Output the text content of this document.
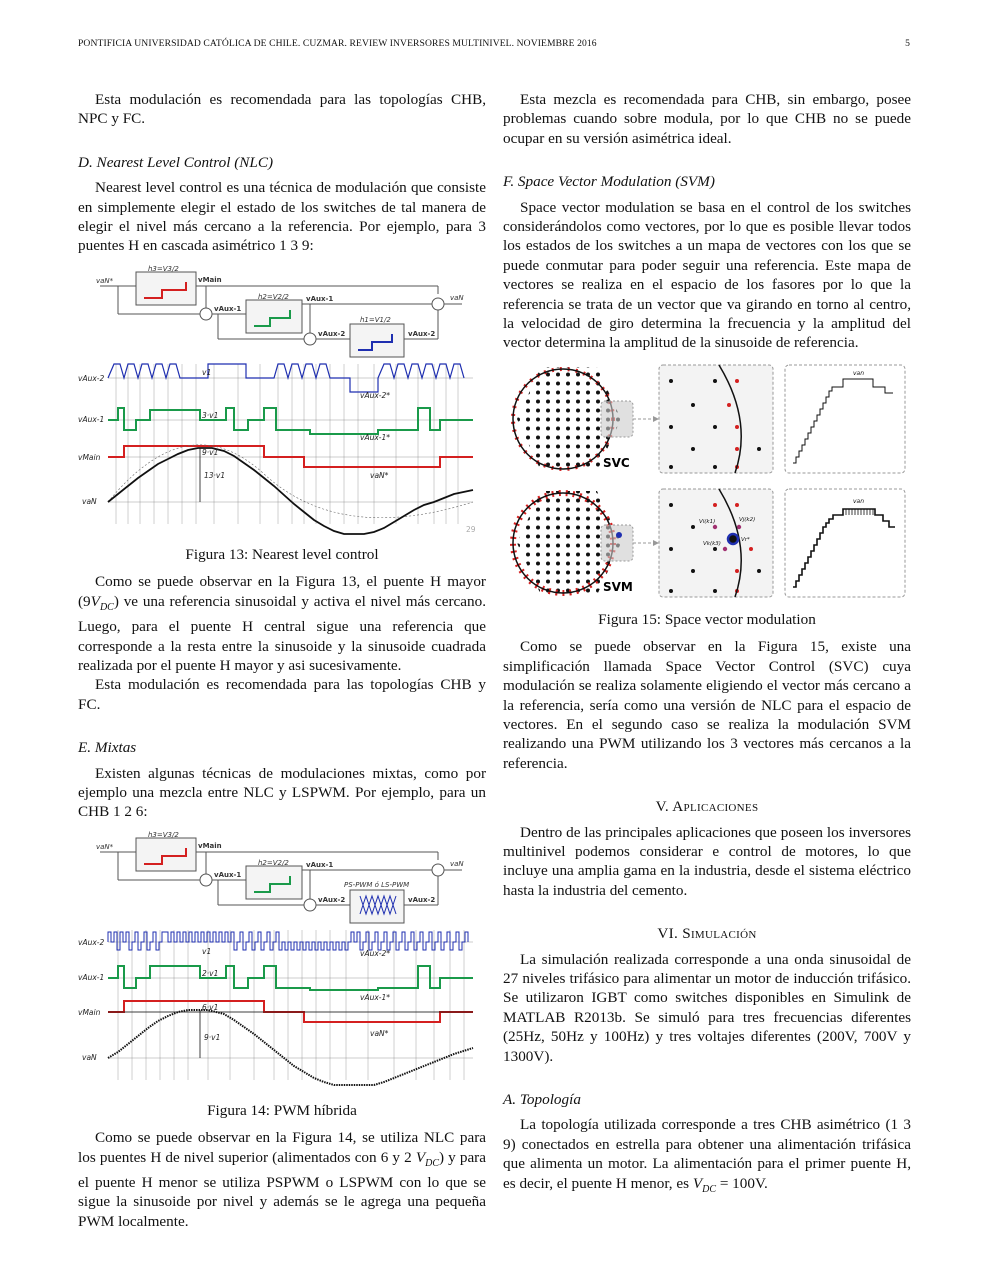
PONTIFICIA UNIVERSIDAD CATÓLICA DE CHILE. CUZMAR. REVIEW INVERSORES MULTINIVEL. NOVIEMBRE 2016	5

Esta modulación es recomendada para las topologías CHB, NPC y FC.

D. Nearest Level Control (NLC)

Nearest level control es una técnica de modulación que consiste en simplemente elegir el estado de los switches de tal manera de elegir el nivel más cercano a la referencia. Por ejemplo, para 3 puentes H en cascada asimétrico 1 3 9:

vaN*
h3=V3/2
vMain
h2=V2/2
vAux-1
vAux-1
h1=V1/2
vAux-2	vAux-2
vaN
vAux-2
vAux-1
vMain
vaN
v1
3·v1
9·v1
13·v1
vAux-2*
vAux-1*
vaN*
29
Figura 13: Nearest level control

Como se puede observar en la Figura 13, el puente H mayor $(9V_{DC})$ ve una referencia sinusoidal y activa el nivel más cercano. Luego, para el puente H central sigue una referencia que corresponde a la resta entre la sinusoide y la sinusoide cuadrada realizada por el puente H mayor y asi sucesivamente.

Esta modulación es recomendada para las topologías CHB y FC.

E. Mixtas

Existen algunas técnicas de modulaciones mixtas, como por ejemplo una mezcla entre NLC y LSPWM. Por ejemplo, para un CHB 1 2 6:

vaN*
h3=V3/2
vMain
h2=V2/2
vAux-1
vAux-1
PS-PWM ó LS-PWM
vAux-2	vAux-2
vaN
vAux-2
vAux-1
vMain
vaN
v1
2·v1
6·v1
9·v1
vAux-2*
vAux-1*
vaN*
Figura 14: PWM híbrida

Como se puede observar en la Figura 14, se utiliza NLC para los puentes H de nivel superior (alimentados con 6 y 2 $V_{DC}$) y para el puente H menor se utiliza PSPWM o LSPWM con lo que se sigue la sinusoide por nivel y además se le agrega una pequeña PWM localmente.

Esta mezcla es recomendada para CHB, sin embargo, posee problemas cuando sobre modula, por lo que CHB no se puede ocupar en su versión asimétrica ideal.

F. Space Vector Modulation (SVM)

Space vector modulation se basa en el control de los switches considerándolos como vectores, por lo que es posible llevar todos los estados de los switches a un mapa de vectores con los que se puede conmutar para poder seguir una referencia. Este mapa de vectores se realiza en el espacio de los fasores por lo que la referencia se trata de un vector que va girando en torno al centro, la velocidad de giro determina la frecuencia y la amplitud del vector determina la amplitud de la sinusoide de referencia.

SVC
van
SVM
Vi(k1)	Vj(k2)
Vk(k3)
Vr*
van
Figura 15: Space vector modulation

Como se puede observar en la Figura 15, existe una simplificación llamada Space Vector Control (SVC) cuya modulación se realiza solamente eligiendo el vector más cercano a la referencia, sería como una versión de NLC para el espacio de vectores. En el segundo caso se realiza la modulación SVM realizando una PWM utilizando los 3 vectores más cercanos a la referencia.

V. Aplicaciones

Dentro de las principales aplicaciones que poseen los inversores multinivel podemos considerar e control de motores, lo que incluye una amplia gama en la industria, desde el sistema eléctrico hasta la industria del cemento.

VI. Simulación

La simulación realizada corresponde a una onda sinusoidal de 27 niveles trifásico para alimentar un motor de inducción trifásico. Se utilizaron IGBT como switches disponibles en Simulink de MATLAB R2013b. Se simuló para tres frecuencias diferentes (25Hz, 50Hz y 100Hz) y tres voltajes diferentes (200V, 700V y 1300V).

A. Topología

La topología utilizada corresponde a tres CHB asimétrico (1 3 9) conectados en estrella para obtener una alimentación trifásica que alimenta un motor. La alimentación para el primer puente H, es decir, el puente H menor, es $V_{DC} = 100V$.
